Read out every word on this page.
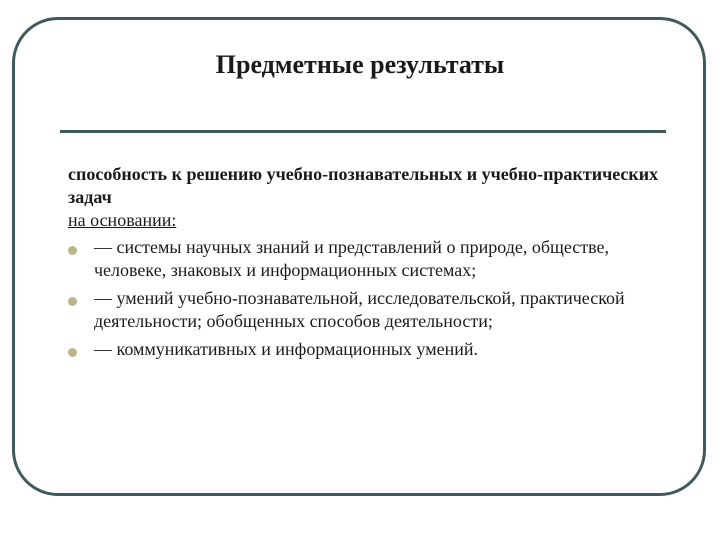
Предметные результаты

способность к решению учебно-познавательных и учебно-практических задач

на основании:

— системы научных знаний и представлений о природе, обществе, человеке, знаковых и информационных системах;
— умений учебно-познавательной, исследовательской, практической деятельности; обобщенных способов деятельности;
— коммуникативных и информационных умений.
